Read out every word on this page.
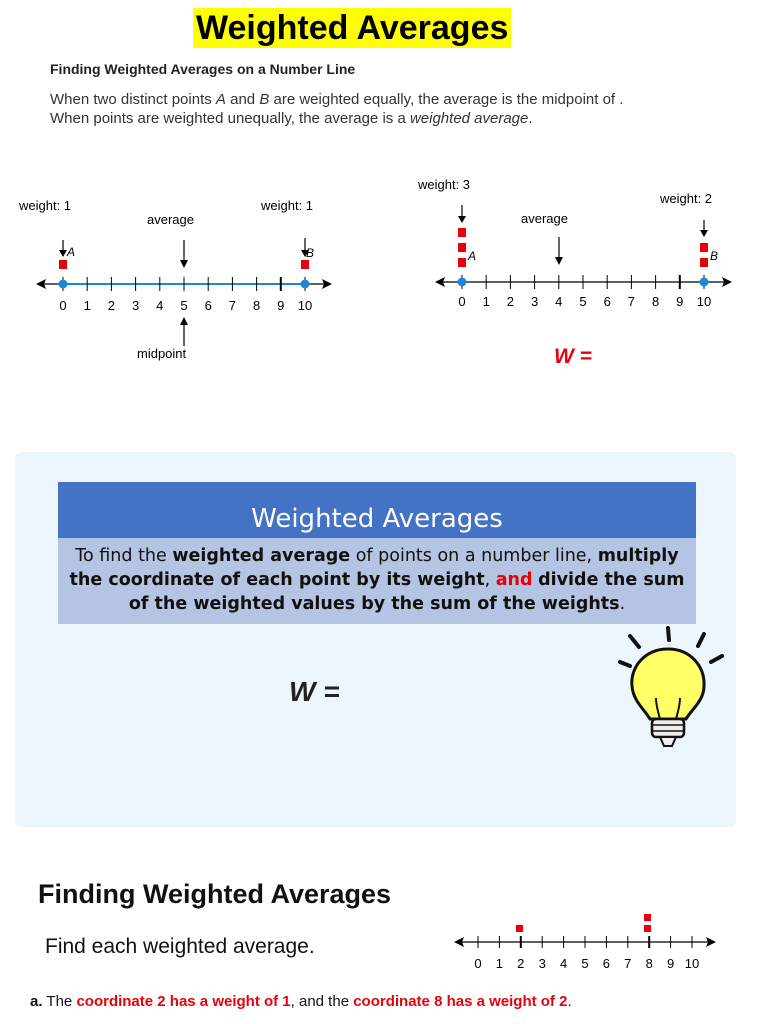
Weighted Averages
Finding Weighted Averages on a Number Line
When two distinct points A and B are weighted equally, the average is the midpoint of .
When points are weighted unequally, the average is a weighted average.
weight: 1	weight: 1
average
midpoint
A	B
0 1 2 3 4 5 6 7 8 9 10
weight: 3
weight: 2
average
A	B
0 1 2 3 4 5 6 7 8 9 10
W =
Weighted Averages
To find the weighted average of points on a number line, multiply the coordinate of each point by its weight, and divide the sum of the weighted values by the sum of the weights.
W =
Finding Weighted Averages
Find each weighted average.
0 1 2 3 4 5 6 7 8 9 10
a. The coordinate 2 has a weight of 1, and the coordinate 8 has a weight of 2.
